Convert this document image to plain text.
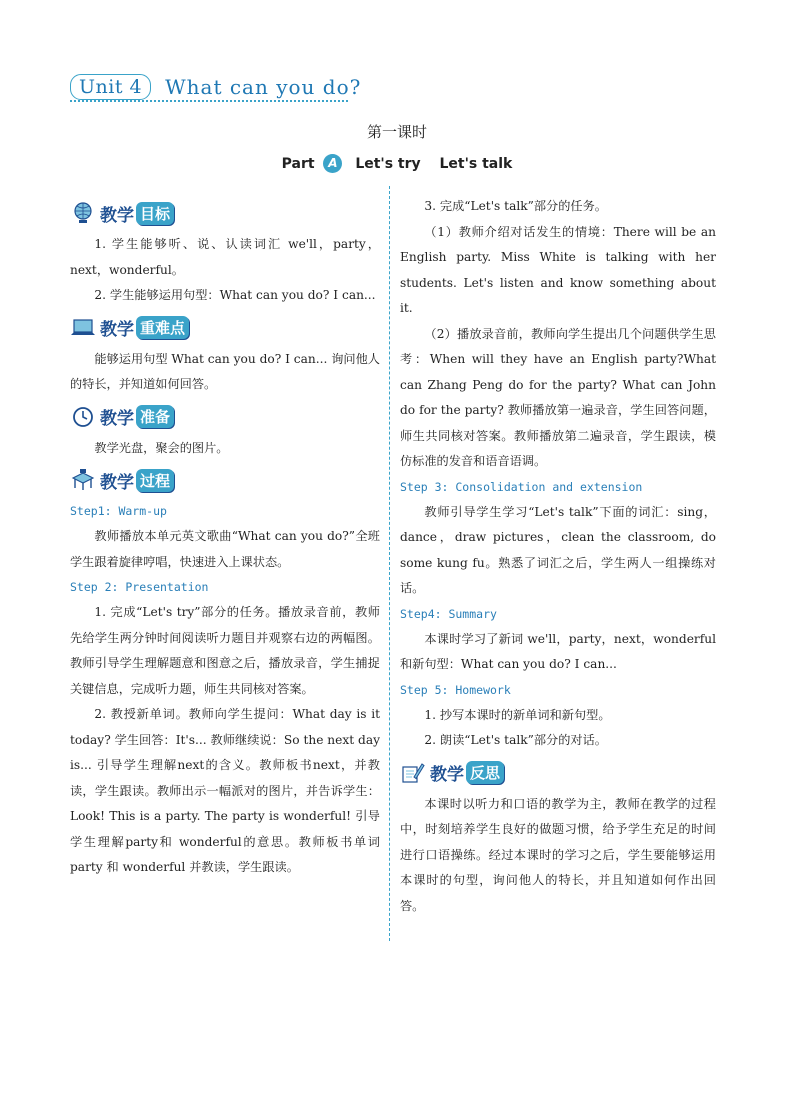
Unit 4	What can you do?
第一课时
Part A Let's try Let's talk
教学 目标

1. 学生能够听、说、认读词汇 we'll，party，next，wonderful。

2. 学生能够运用句型：What can you do? I can...

教学 重难点

能够运用句型 What can you do? I can... 询问他人的特长，并知道如何回答。

教学 准备

教学光盘，聚会的图片。

教学 过程
Step1: Warm-up

教师播放本单元英文歌曲“What can you do?”全班学生跟着旋律哼唱，快速进入上课状态。

Step 2: Presentation

1. 完成“Let's try”部分的任务。播放录音前，教师先给学生两分钟时间阅读听力题目并观察右边的两幅图。教师引导学生理解题意和图意之后，播放录音，学生捕捉关键信息，完成听力题，师生共同核对答案。

2. 教授新单词。教师向学生提问：What day is it today? 学生回答：It's... 教师继续说：So the next day is... 引导学生理解next的含义。教师板书next，并教读，学生跟读。教师出示一幅派对的图片，并告诉学生：Look! This is a party. The party is wonderful! 引导学生理解party和 wonderful的意思。教师板书单词 party 和 wonderful 并教读，学生跟读。

3. 完成“Let's talk”部分的任务。

（1）教师介绍对话发生的情境：There will be an English party. Miss White is talking with her students. Let's listen and know something about it.

（2）播放录音前，教师向学生提出几个问题供学生思考：When will they have an English party?What can Zhang Peng do for the party? What can John do for the party? 教师播放第一遍录音，学生回答问题，师生共同核对答案。教师播放第二遍录音，学生跟读，模仿标准的发音和语音语调。

Step 3: Consolidation and extension

教师引导学生学习“Let's talk”下面的词汇：sing，dance，draw pictures，clean the classroom, do some kung fu。熟悉了词汇之后，学生两人一组操练对话。

Step4: Summary

本课时学习了新词 we'll，party，next，wonderful和新句型：What can you do? I can...

Step 5: Homework

1. 抄写本课时的新单词和新句型。

2. 朗读“Let's talk”部分的对话。

教学 反思

本课时以听力和口语的教学为主，教师在教学的过程中，时刻培养学生良好的做题习惯，给予学生充足的时间进行口语操练。经过本课时的学习之后，学生要能够运用本课时的句型，询问他人的特长，并且知道如何作出回答。
